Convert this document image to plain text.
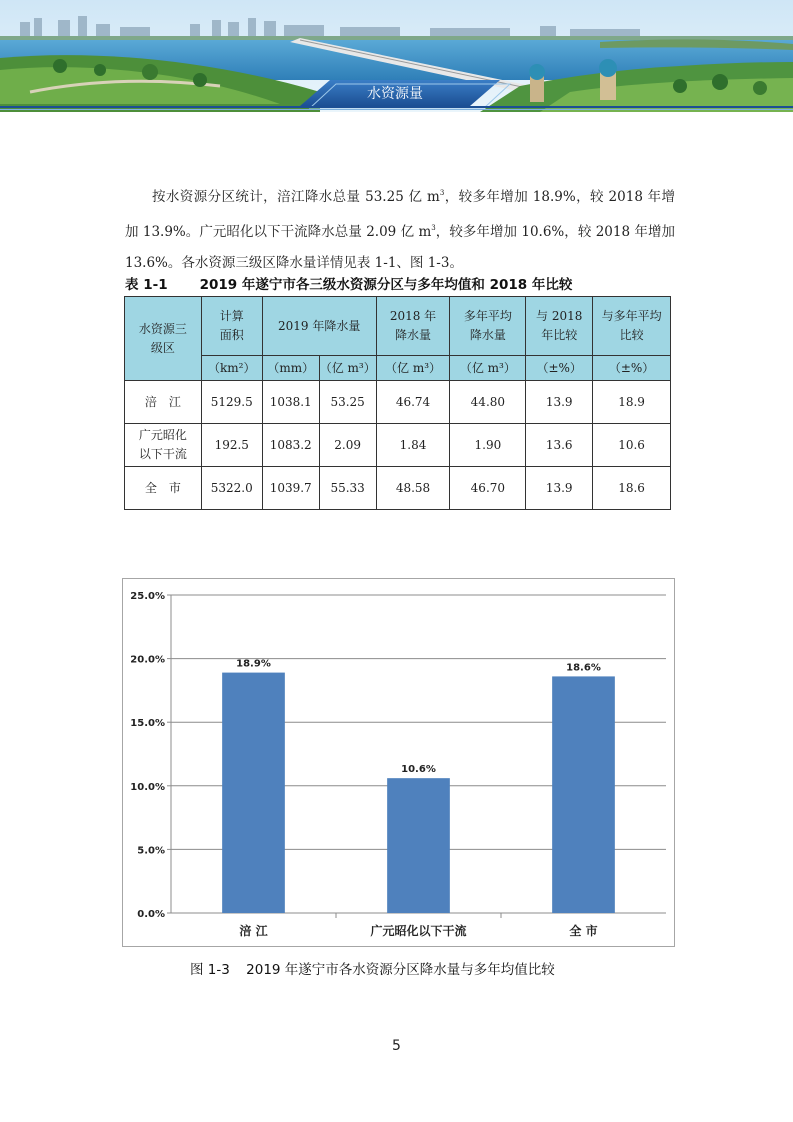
水资源量

按水资源分区统计，涪江降水总量 53.25 亿 $m^3$，较多年增加 18.9%，较 2018 年增加 13.9%。广元昭化以下干流降水总量 2.09 亿 $m^3$，较多年增加 10.6%，较 2018 年增加 13.6%。各水资源三级区降水量详情见表 1-1、图 1-3。

表 1-1 2019 年遂宁市各三级水资源分区与多年均值和 2018 年比较
水资源三级区	计算面积	2019 年降水量		2018 年降水量	多年平均降水量	与 2018 年比较	与多年平均比较
	（km²）	（mm）	（亿 m³）	（亿 m³）	（亿 m³）	（±%）	（±%）
涪　江	5129.5	1038.1	53.25	46.74	44.80	13.9	18.9
广元昭化以下干流	192.5	1083.2	2.09	1.84	1.90	13.6	10.6
全　市	5322.0	1039.7	55.33	48.58	46.70	13.9	18.6
0.0%
5.0%
10.0%
15.0%
20.0%
25.0%
18.9%
涪 江
10.6%
广元昭化以下干流
18.6%
全 市
图 1-3 2019 年遂宁市各水资源分区降水量与多年均值比较
5
